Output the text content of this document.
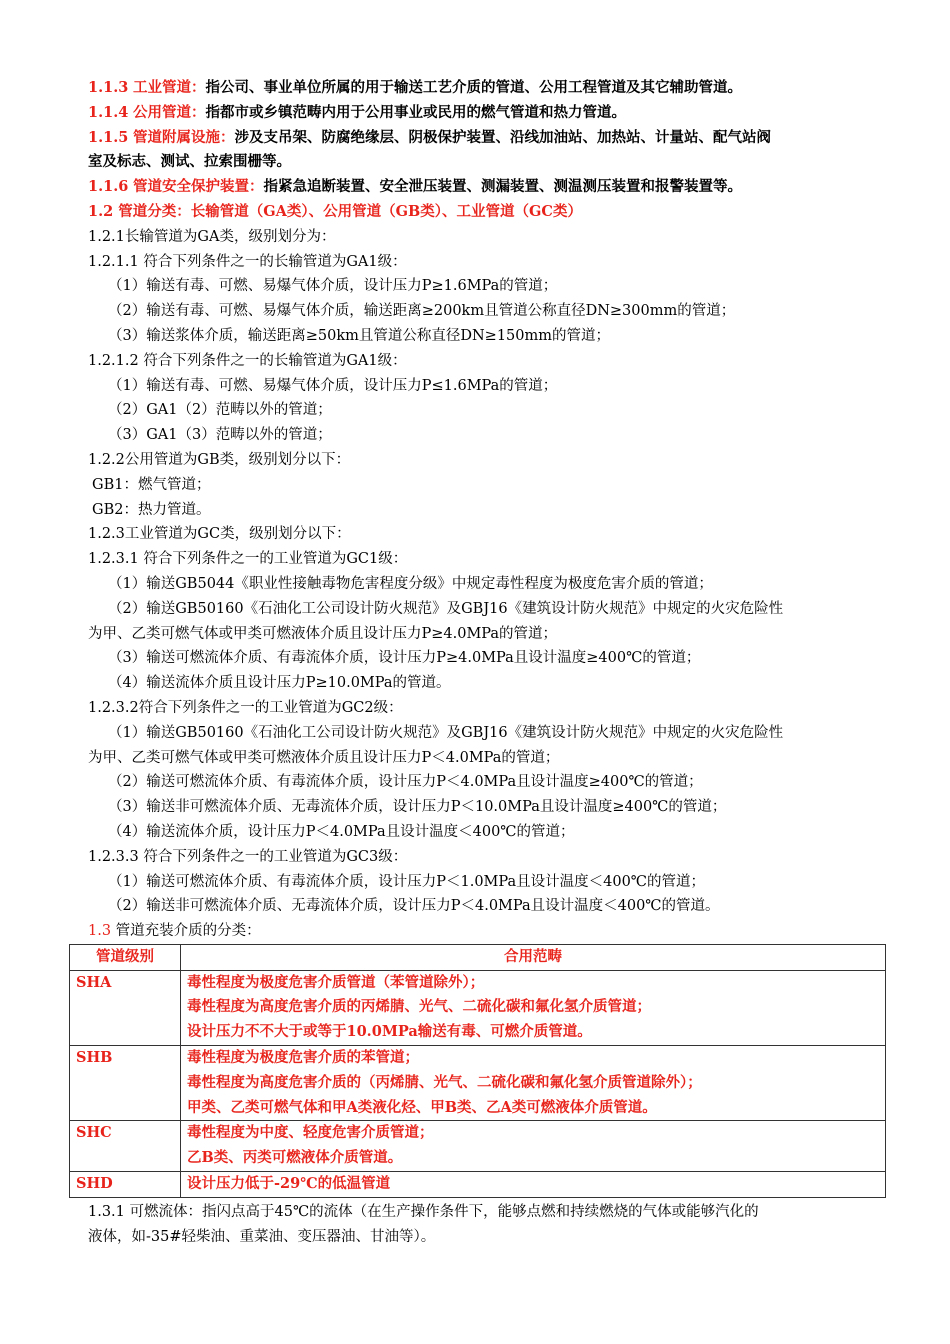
1.1.3 工业管道：指公司、事业单位所属的用于输送工艺介质的管道、公用工程管道及其它辅助管道。
1.1.4 公用管道：指都市或乡镇范畴内用于公用事业或民用的燃气管道和热力管道。
1.1.5 管道附属设施：涉及支吊架、防腐绝缘层、阴极保护装置、沿线加油站、加热站、计量站、配气站阀
室及标志、测试、拉索围栅等。
1.1.6 管道安全保护装置：指紧急追断装置、安全泄压装置、测漏装置、测温测压装置和报警装置等。
1.2 管道分类：长输管道（GA类）、公用管道（GB类）、工业管道（GC类）
1.2.1长输管道为GA类，级别划分为：
1.2.1.1 符合下列条件之一的长输管道为GA1级：
（1）输送有毒、可燃、易爆气体介质，设计压力P≥1.6MPa的管道；
（2）输送有毒、可燃、易爆气体介质，输送距离≥200km且管道公称直径DN≥300mm的管道；
（3）输送浆体介质，输送距离≥50km且管道公称直径DN≥150mm的管道；
1.2.1.2 符合下列条件之一的长输管道为GA1级：
（1）输送有毒、可燃、易爆气体介质，设计压力P≤1.6MPa的管道；
（2）GA1（2）范畴以外的管道；
（3）GA1（3）范畴以外的管道；
1.2.2公用管道为GB类，级别划分以下：
GB1：燃气管道；
GB2：热力管道。
1.2.3工业管道为GC类，级别划分以下：
1.2.3.1 符合下列条件之一的工业管道为GC1级：
（1）输送GB5044《职业性接触毒物危害程度分级》中规定毒性程度为极度危害介质的管道；
（2）输送GB50160《石油化工公司设计防火规范》及GBJ16《建筑设计防火规范》中规定的火灾危险性
为甲、乙类可燃气体或甲类可燃液体介质且设计压力P≥4.0MPa的管道；
（3）输送可燃流体介质、有毒流体介质，设计压力P≥4.0MPa且设计温度≥400℃的管道；
（4）输送流体介质且设计压力P≥10.0MPa的管道。
1.2.3.2符合下列条件之一的工业管道为GC2级：
（1）输送GB50160《石油化工公司设计防火规范》及GBJ16《建筑设计防火规范》中规定的火灾危险性
为甲、乙类可燃气体或甲类可燃液体介质且设计压力P＜4.0MPa的管道；
（2）输送可燃流体介质、有毒流体介质，设计压力P＜4.0MPa且设计温度≥400℃的管道；
（3）输送非可燃流体介质、无毒流体介质，设计压力P＜10.0MPa且设计温度≥400℃的管道；
（4）输送流体介质，设计压力P＜4.0MPa且设计温度＜400℃的管道；
1.2.3.3 符合下列条件之一的工业管道为GC3级：
（1）输送可燃流体介质、有毒流体介质，设计压力P＜1.0MPa且设计温度＜400℃的管道；
（2）输送非可燃流体介质、无毒流体介质，设计压力P＜4.0MPa且设计温度＜400℃的管道。
1.3 管道充装介质的分类：
管道级别	合用范畴
SHA	毒性程度为极度危害介质管道（苯管道除外）；
毒性程度为高度危害介质的丙烯腈、光气、二硫化碳和氟化氢介质管道；
设计压力不不大于或等于10.0MPa输送有毒、可燃介质管道。

SHB	毒性程度为极度危害介质的苯管道；
毒性程度为高度危害介质的（丙烯腈、光气、二硫化碳和氟化氢介质管道除外）；
甲类、乙类可燃气体和甲A类液化烃、甲B类、乙A类可燃液体介质管道。

SHC	毒性程度为中度、轻度危害介质管道；
乙B类、丙类可燃液体介质管道。

SHD	设计压力低于-29℃的低温管道
1.3.1 可燃流体：指闪点高于45℃的流体（在生产操作条件下，能够点燃和持续燃烧的气体或能够汽化的
液体，如-35#轻柴油、重菜油、变压器油、甘油等）。
